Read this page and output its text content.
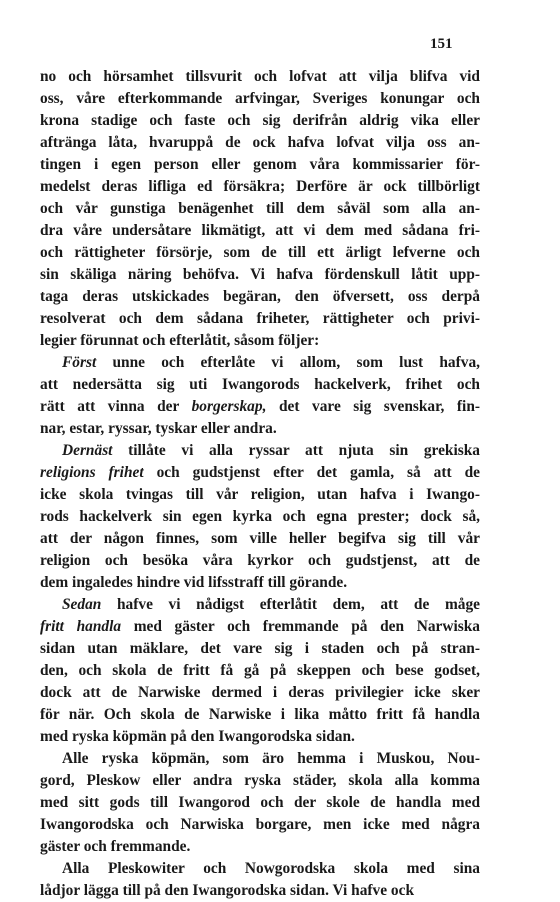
151
no och hörsamhet tillsvurit och lofvat att vilja blifva vid
oss, våre efterkommande arfvingar, Sveriges konungar och
krona stadige och faste och sig derifrån aldrig vika eller
aftränga låta, hvaruppå de ock hafva lofvat vilja oss an-
tingen i egen person eller genom våra kommissarier för-
medelst deras lifliga ed försäkra; Derföre är ock tillbörligt
och vår gunstiga benägenhet till dem såväl som alla an-
dra våre undersåtare likmätigt, att vi dem med sådana fri-
och rättigheter försörje, som de till ett ärligt lefverne och
sin skäliga näring behöfva. Vi hafva fördenskull låtit upp-
taga deras utskickades begäran, den öfversett, oss derpå
resolverat och dem sådana friheter, rättigheter och privi-
legier förunnat och efterlåtit, såsom följer:
Först unne och efterlåte vi allom, som lust hafva,
att nedersätta sig uti Iwangorods hackelverk, frihet och
rätt att vinna der borgerskap, det vare sig svenskar, fin-
nar, estar, ryssar, tyskar eller andra.
Dernäst tillåte vi alla ryssar att njuta sin grekiska
religions frihet och gudstjenst efter det gamla, så att de
icke skola tvingas till vår religion, utan hafva i Iwango-
rods hackelverk sin egen kyrka och egna prester; dock så,
att der någon finnes, som ville heller begifva sig till vår
religion och besöka våra kyrkor och gudstjenst, att de
dem ingaledes hindre vid lifsstraff till görande.
Sedan hafve vi nådigst efterlåtit dem, att de måge
fritt handla med gäster och fremmande på den Narwiska
sidan utan mäklare, det vare sig i staden och på stran-
den, och skola de fritt få gå på skeppen och bese godset,
dock att de Narwiske dermed i deras privilegier icke sker
för när. Och skola de Narwiske i lika måtto fritt få handla
med ryska köpmän på den Iwangorodska sidan.
Alle ryska köpmän, som äro hemma i Muskou, Nou-
gord, Pleskow eller andra ryska städer, skola alla komma
med sitt gods till Iwangorod och der skole de handla med
Iwangorodska och Narwiska borgare, men icke med några
gäster och fremmande.
Alla Pleskowiter och Nowgorodska skola med sina
lådjor lägga till på den Iwangorodska sidan. Vi hafve ock
